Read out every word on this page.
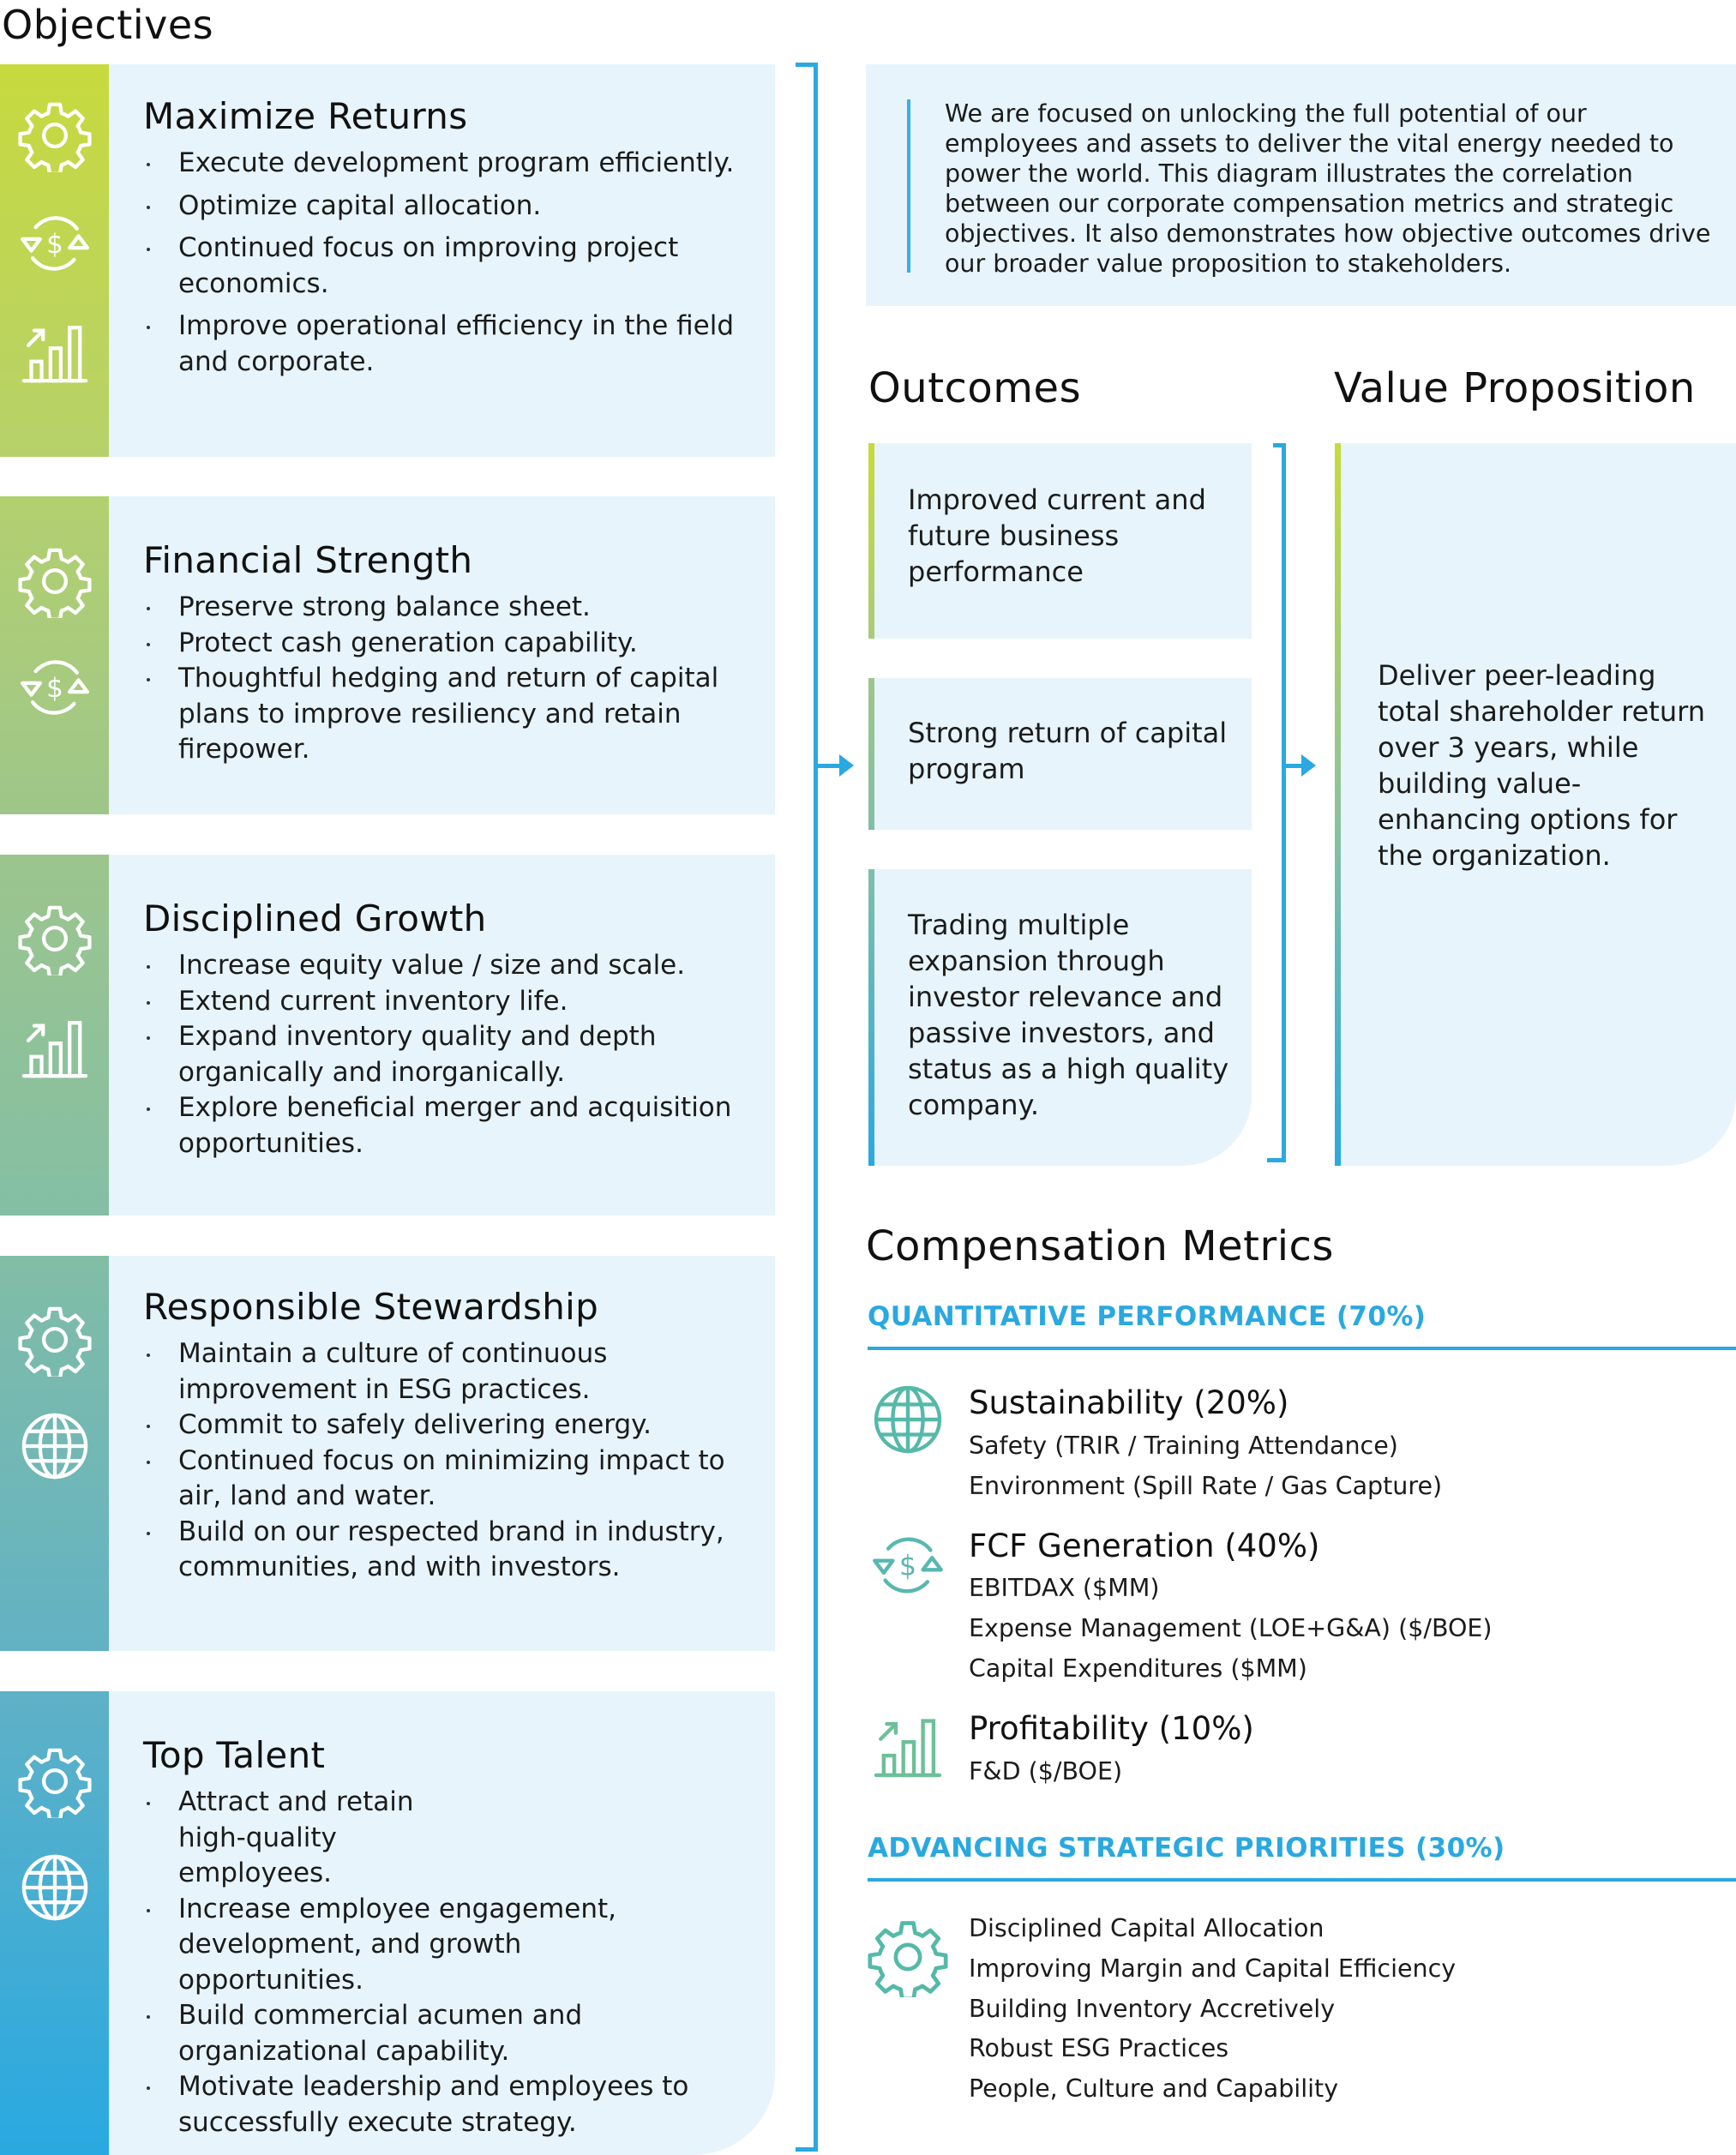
Objectives
Maximize Returns
Execute development program efficiently.
Optimize capital allocation.
Continued focus on improving project economics.
Improve operational efficiency in the field and corporate.
Financial Strength
Preserve strong balance sheet.
Protect cash generation capability.
Thoughtful hedging and return of capital plans to improve resiliency and retain firepower.
Disciplined Growth
Increase equity value / size and scale.
Extend current inventory life.
Expand inventory quality and depth organically and inorganically.
Explore beneficial merger and acquisition opportunities.
Responsible Stewardship
Maintain a culture of continuous improvement in ESG practices.
Commit to safely delivering energy.
Continued focus on minimizing impact to air, land and water.
Build on our respected brand in industry, communities, and with investors.
Top Talent
Attract and retain high-quality employees.
Increase employee engagement, development, and growth opportunities.
Build commercial acumen and organizational capability.
Motivate leadership and employees to successfully execute strategy.
We are focused on unlocking the full potential of our employees and assets to deliver the vital energy needed to power the world. This diagram illustrates the correlation between our corporate compensation metrics and strategic objectives. It also demonstrates how objective outcomes drive our broader value proposition to stakeholders.
Outcomes	Value Proposition
Improved current and future business performance
Strong return of capital program
Trading multiple expansion through investor relevance and passive investors, and status as a high quality company.
Deliver peer-leading total shareholder return over 3 years, while building value-enhancing options for the organization.
Compensation Metrics
QUANTITATIVE PERFORMANCE (70%)
Sustainability (20%)
Safety (TRIR / Training Attendance)
Environment (Spill Rate / Gas Capture)
FCF Generation (40%)
EBITDAX ($MM)
Expense Management (LOE+G&A) ($/BOE)
Capital Expenditures ($MM)
Profitability (10%)
F&D ($/BOE)
ADVANCING STRATEGIC PRIORITIES (30%)
Disciplined Capital Allocation
Improving Margin and Capital Efficiency
Building Inventory Accretively
Robust ESG Practices
People, Culture and Capability
